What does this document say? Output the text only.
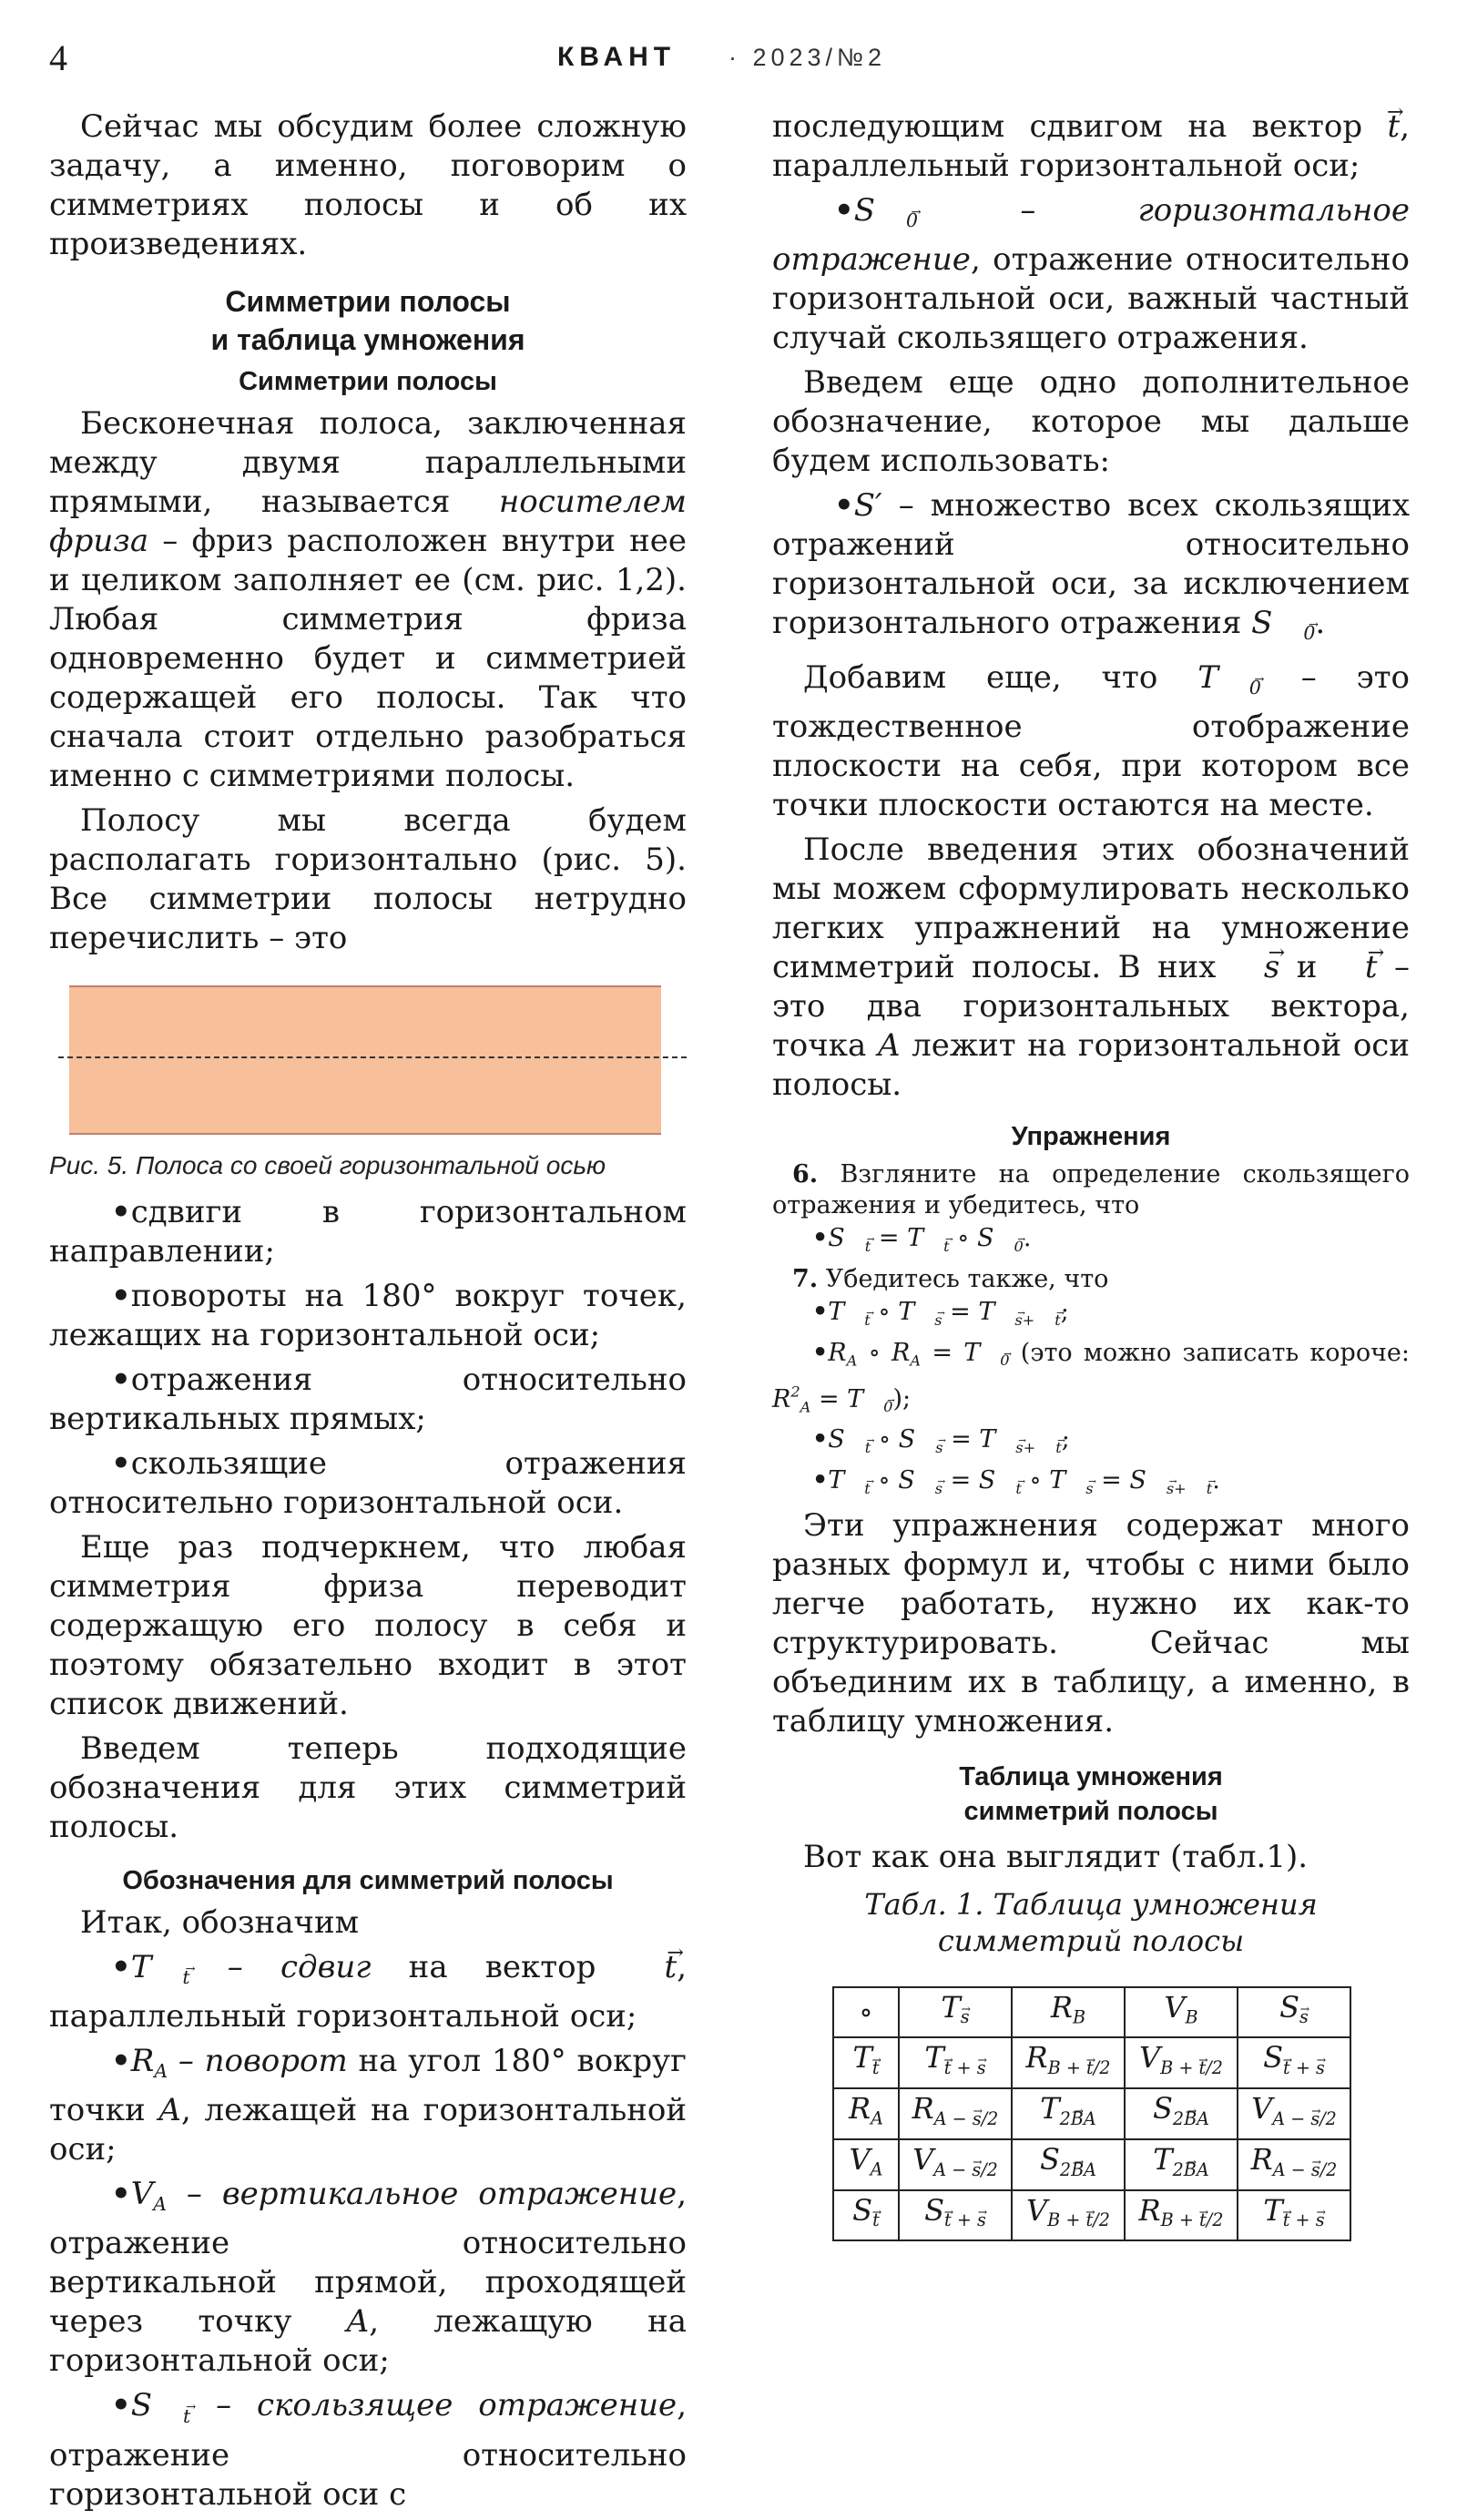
4	КВАНТ · 2023/№2

Сейчас мы обсудим более сложную задачу, а именно, поговорим о симметриях полосы и об их произведениях.

Симметрии полосы
и таблица умножения
Симметрии полосы

Бесконечная полоса, заключенная между двумя параллельными прямыми, называется носителем фриза – фриз расположен внутри нее и целиком заполняет ее (см. рис. 1,2). Любая симметрия фриза одновременно будет и симметрией содержащей его полосы. Так что сначала стоит отдельно разобраться именно с симметриями полосы.

Полосу мы всегда будем располагать горизонтально (рис. 5). Все симметрии полосы нетрудно перечислить – это

Рис. 5. Полоса со своей горизонтальной осью
•сдвиги в горизонтальном направлении;
•повороты на 180° вокруг точек, лежащих на горизонтальной оси;
•отражения относительно вертикальных прямых;
•скользящие отражения относительно горизонтальной оси.

Еще раз подчеркнем, что любая симметрия фриза переводит содержащую его полосу в себя и поэтому обязательно входит в этот список движений.

Введем теперь подходящие обозначения для этих симметрий полосы.

Обозначения для симметрий полосы

Итак, обозначим

•T → $_t$ – сдвиг на вектор → t, параллельный горизонтальной оси;
$•R_A$ – поворот на угол 180° вокруг точки A, лежащей на горизонтальной оси;
$•V_A$ – вертикальное отражение, отражение относительно вертикальной прямой, проходящей через точку A, лежащую на горизонтальной оси;
•S → $_t$ – скользящее отражение, отражение относительно горизонтальной оси с

последующим сдвигом на вектор → t, параллельный горизонтальной оси;

•S → $_0$ – горизонтальное отражение, отражение относительно горизонтальной оси, важный частный случай скользящего отражения.

Введем еще одно дополнительное обозначение, которое мы дальше будем использовать:

•S′ – множество всех скользящих отражений относительно горизонтальной оси, за исключением горизонтального отражения S → $_0$.

Добавим еще, что T → $_0$ – это тождественное отображение плоскости на себя, при котором все точки плоскости остаются на месте.

После введения этих обозначений мы можем сформулировать несколько легких упражнений на умножение симметрий полосы. В них → s и → t – это два горизонтальных вектора, точка A лежит на горизонтальной оси полосы.

Упражнения

6. Взгляните на определение скользящего отражения и убедитесь, что

•S → $_t$ = T → $_t$ ∘ S → $_0$.

7. Убедитесь также, что

•T → $_t$ ∘ T → $_s$ = T → $_{s+ \to t}$;
$•R_A$ ∘ $R_A = T \to _0$ (это можно записать короче: $R^2_A = T \to _0$);
•S → $_t$ ∘ S → $_s$ = T → $_{s+ \to t}$;
•T → $_t$ ∘ S → $_s$ = S → $_t$ ∘ T → $_s$ = S → $_{s+ \to t}$.

Эти упражнения содержат много разных формул и, чтобы с ними было легче работать, нужно их как-то структурировать. Сейчас мы объединим их в таблицу, а именно, в таблицу умножения.

Таблица умножения
симметрий полосы

Вот как она выглядит (табл.1).

Табл. 1. Таблица умножения
симметрий полосы
∘	T→ $_s$	$R_B$	$V_B$	S→ $_s$
T→ $_t$	T→ $_{t + \to s}$	$R_{B + \to t/2}$	$V_{B + \to t/2}$	S→ $_{t + \to s}$
$R_A$	$R_{A - \to s/2}$	T→ $_{2BA}$	S→ $_{2BA}$	$V_{A - \to s/2}$
$V_A$	$V_{A - \to s/2}$	S→ $_{2BA}$	T→ $_{2BA}$	$R_{A - \to s/2}$
S→ $_t$	S→ $_{t + \to s}$	$V_{B + \to t/2}$	$R_{B + \to t/2}$	T→ $_{t + \to s}$
